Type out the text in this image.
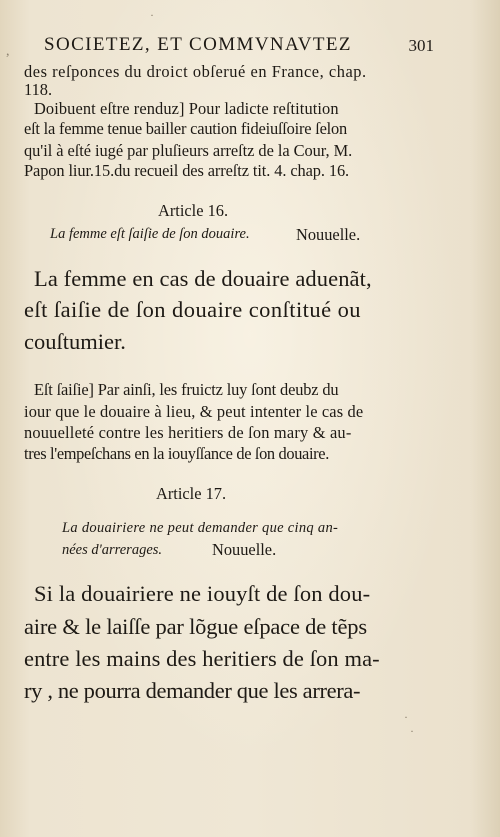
SOCIETEZ, ET COMMVNAVTEZ	301
des reſponces du droict obſerué en France, chap.
118.
Doibuent eſtre renduz] Pour ladicte reſtitution
eſt la femme tenue bailler caution fideiuſſoire ſelon
qu'il à eſté iugé par pluſieurs arreſtz de la Cour, M.
Papon liur.15.du recueil des arreſtz tit. 4. chap. 16.
Article 16.
La femme eſt ſaiſie de ſon douaire.	Nouuelle.
La femme en cas de douaire aduenãt,
eſt ſaiſie de ſon douaire conſtitué ou
couſtumier.
Eſt ſaiſie] Par ainſi, les fruictz luy ſont deubz du
iour que le douaire à lieu, & peut intenter le cas de
nouuelleté contre les heritiers de ſon mary & au-
tres l'empeſchans en la iouyſſance de ſon douaire.
Article 17.
La douairiere ne peut demander que cinq an-
nées d'arrerages.	Nouuelle.
Si la douairiere ne iouyſt de ſon dou-
aire & le laiſſe par lõgue eſpace de tẽps
entre les mains des heritiers de ſon ma-
ry , ne pourra demander que les arrera-
·
·
·
,
